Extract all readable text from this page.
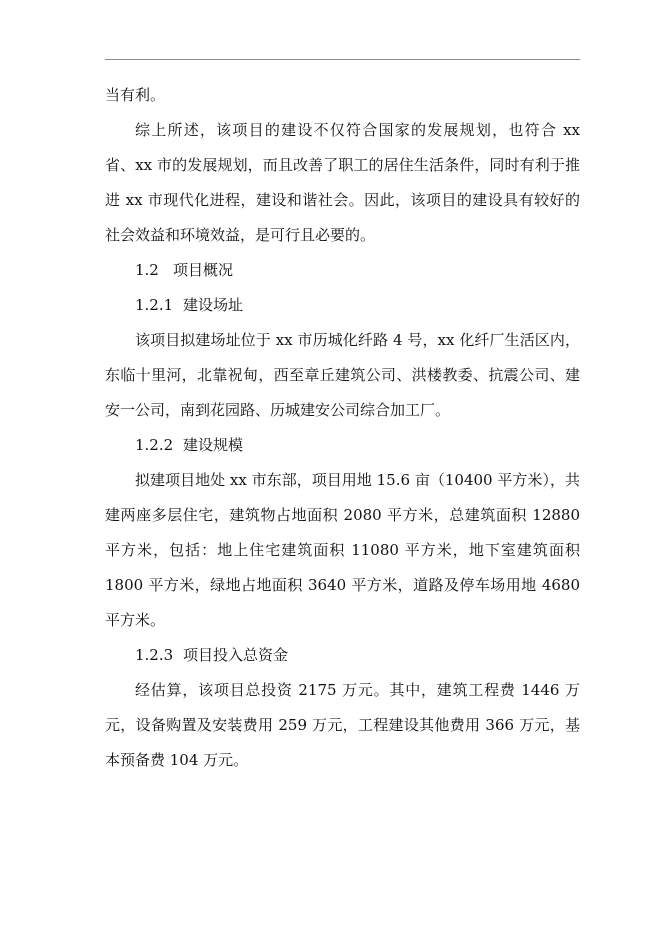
当有利。

综上所述，该项目的建设不仅符合国家的发展规划，也符合 xx 省、xx 市的发展规划，而且改善了职工的居住生活条件，同时有利于推进 xx 市现代化进程，建设和谐社会。因此，该项目的建设具有较好的社会效益和环境效益，是可行且必要的。

1.2 项目概况

1.2.1 建设场址

该项目拟建场址位于 xx 市历城化纤路 4 号，xx 化纤厂生活区内，东临十里河，北靠祝甸，西至章丘建筑公司、洪楼教委、抗震公司、建安一公司，南到花园路、历城建安公司综合加工厂。

1.2.2 建设规模

拟建项目地处 xx 市东部，项目用地 15.6 亩（10400 平方米），共建两座多层住宅，建筑物占地面积 2080 平方米，总建筑面积 12880 平方米，包括：地上住宅建筑面积 11080 平方米，地下室建筑面积 1800 平方米，绿地占地面积 3640 平方米，道路及停车场用地 4680 平方米。

1.2.3 项目投入总资金

经估算，该项目总投资 2175 万元。其中，建筑工程费 1446 万元，设备购置及安装费用 259 万元，工程建设其他费用 366 万元，基本预备费 104 万元。
